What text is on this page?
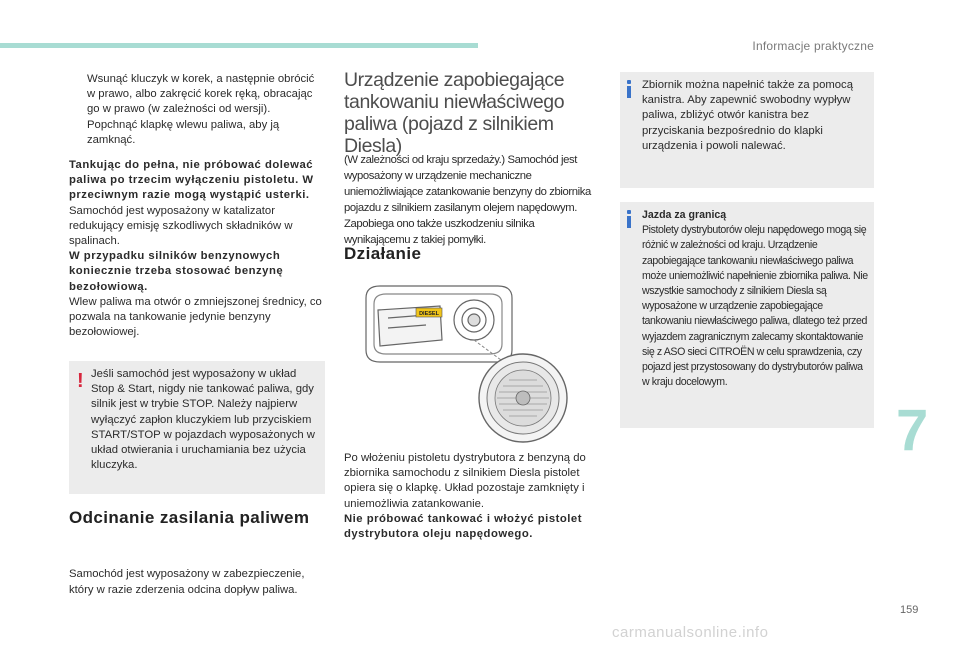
Informacje praktyczne
Wsunąć kluczyk w korek, a następnie obrócić w prawo, albo zakręcić korek ręką, obracając go w prawo (w zależności od wersji).
Popchnąć klapkę wlewu paliwa, aby ją zamknąć.

Tankując do pełna, nie próbować dolewać paliwa po trzecim wyłączeniu pistoletu. W przeciwnym razie mogą wystąpić usterki.

Samochód jest wyposażony w katalizator redukujący emisję szkodliwych składników w spalinach.

W przypadku silników benzynowych koniecznie trzeba stosować benzynę bezołowiową.

Wlew paliwa ma otwór o zmniejszonej średnicy, co pozwala na tankowanie jedynie benzyny bezołowiowej.

! Jeśli samochód jest wyposażony w układ Stop & Start, nigdy nie tankować paliwa, gdy silnik jest w trybie STOP. Należy najpierw wyłączyć zapłon kluczykiem lub przyciskiem START/STOP w pojazdach wyposażonych w układ otwierania i uruchamiania bez użycia kluczyka.

Odcinanie zasilania paliwem

Samochód jest wyposażony w zabezpieczenie, który w razie zderzenia odcina dopływ paliwa.

Urządzenie zapobiegające tankowaniu niewłaściwego paliwa (pojazd z silnikiem Diesla)

(W zależności od kraju sprzedaży.) Samochód jest wyposażony w urządzenie mechaniczne uniemożliwiające zatankowanie benzyny do zbiornika pojazdu z silnikiem zasilanym olejem napędowym. Zapobiega ono także uszkodzeniu silnika wynikającemu z takiej pomyłki.

Działanie
DIESEL

Po włożeniu pistoletu dystrybutora z benzyną do zbiornika samochodu z silnikiem Diesla pistolet opiera się o klapkę. Układ pozostaje zamknięty i uniemożliwia zatankowanie.

Nie próbować tankować i włożyć pistolet dystrybutora oleju napędowego.

Zbiornik można napełnić także za pomocą kanistra. Aby zapewnić swobodny wypływ paliwa, zbliżyć otwór kanistra bez przyciskania bezpośrednio do klapki urządzenia i powoli nalewać.

Jazda za granicą

Pistolety dystrybutorów oleju napędowego mogą się różnić w zależności od kraju. Urządzenie zapobiegające tankowaniu niewłaściwego paliwa może uniemożliwić napełnienie zbiornika paliwa. Nie wszystkie samochody z silnikiem Diesla są wyposażone w urządzenie zapobiegające tankowaniu niewłaściwego paliwa, dlatego też przed wyjazdem zagranicznym zalecamy skontaktowanie się z ASO sieci CITROËN w celu sprawdzenia, czy pojazd jest przystosowany do dystrybutorów paliwa w kraju docelowym.

7
159
carmanualsonline.info
